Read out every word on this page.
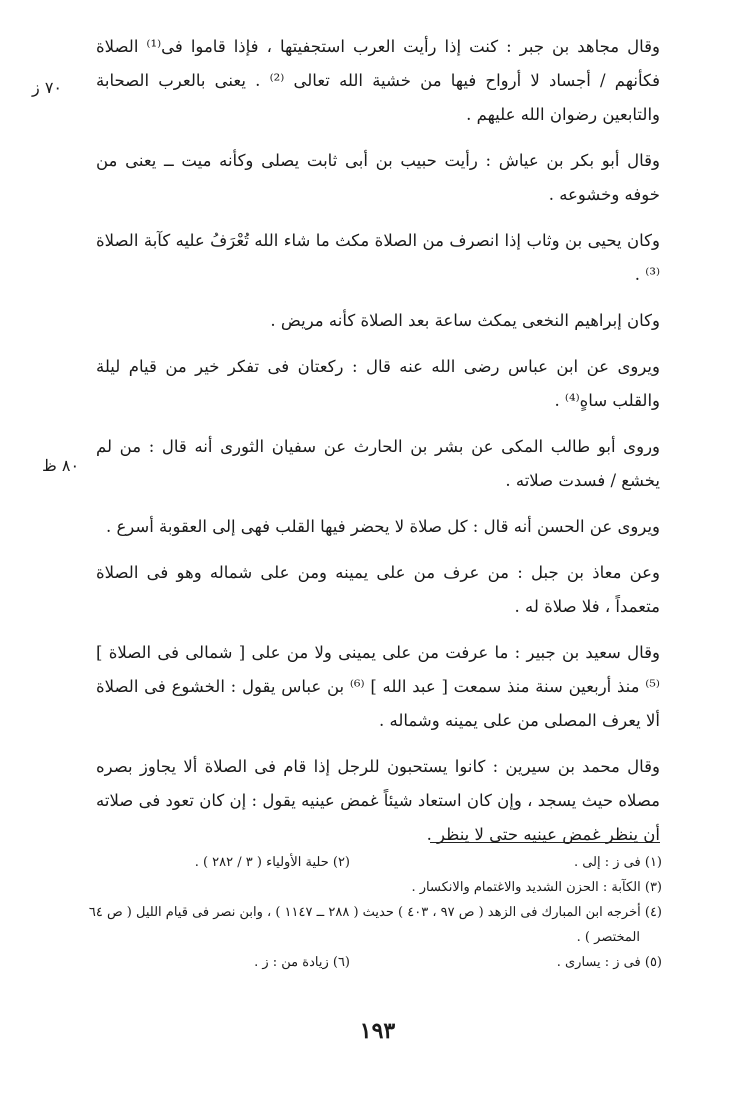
٧٠ ز
٨٠ ظ

وقال مجاهد بن جبر : كنت إذا رأيت العرب استجفيتها ، فإذا قاموا فى⁽¹⁾ الصلاة فكأنهم / أجساد لا أرواح فيها من خشية الله تعالى ⁽²⁾ . يعنى بالعرب الصحابة والتابعين رضوان الله عليهم .

وقال أبو بكر بن عياش : رأيت حبيب بن أبى ثابت يصلى وكأنه ميت ــ يعنى من خوفه وخشوعه .

وكان يحيى بن وثاب إذا انصرف من الصلاة مكث ما شاء الله تُعْرَفُ عليه كآبة الصلاة ⁽³⁾ .

وكان إبراهيم النخعى يمكث ساعة بعد الصلاة كأنه مريض .

ويروى عن ابن عباس رضى الله عنه قال : ركعتان فى تفكر خير من قيام ليلة والقلب ساهٍ⁽⁴⁾ .

وروى أبو طالب المكى عن بشر بن الحارث عن سفيان الثورى أنه قال : من لم يخشع / فسدت صلاته .

ويروى عن الحسن أنه قال : كل صلاة لا يحضر فيها القلب فهى إلى العقوبة أسرع .

وعن معاذ بن جبل : من عرف من على يمينه ومن على شماله وهو فى الصلاة متعمداً ، فلا صلاة له .

وقال سعيد بن جبير : ما عرفت من على يمينى ولا من على [ شمالى فى الصلاة ] ⁽⁵⁾ منذ أربعين سنة منذ سمعت [ عبد الله ] ⁽⁶⁾ بن عباس يقول : الخشوع فى الصلاة ألا يعرف المصلى من على يمينه وشماله .

وقال محمد بن سيرين : كانوا يستحبون للرجل إذا قام فى الصلاة ألا يجاوز بصره مصلاه حيث يسجد ، وإن كان استعاد شيئاً غمض عينيه يقول : إن كان تعود فى صلاته أن ينظر غمض عينيه حتى لا ينظر .

(١) فى ز : إلى .
(٢) حلية الأولياء ( ٣ / ٢٨٢ ) .
(٣) الكآبة : الحزن الشديد والاغتمام والانكسار .
(٤) أخرجه ابن المبارك فى الزهد ( ص ٩٧ ، ٤٠٣ ) حديث ( ٢٨٨ ــ ١١٤٧ ) ، وابن نصر فى قيام الليل ( ص ٦٤
المختصر ) .
(٥) فى ز : يسارى .
(٦) زيادة من : ز .
١٩٣
